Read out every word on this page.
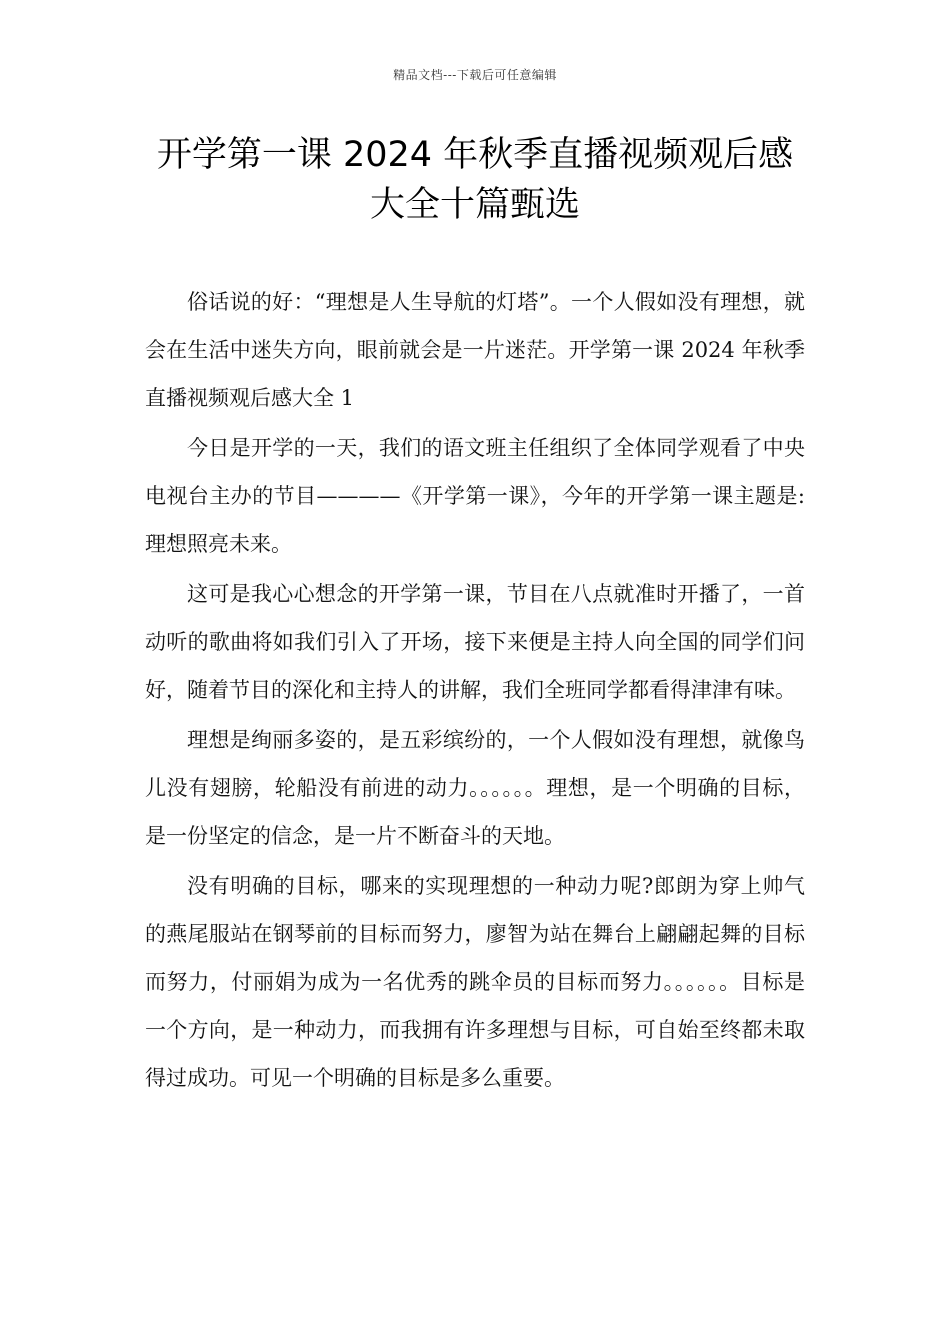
精品文档---下载后可任意编辑
开学第一课 2024 年秋季直播视频观后感大全十篇甄选

俗话说的好：“理想是人生导航的灯塔”。一个人假如没有理想，就会在生活中迷失方向，眼前就会是一片迷茫。开学第一课 2024 年秋季直播视频观后感大全 1

今日是开学的一天，我们的语文班主任组织了全体同学观看了中央电视台主办的节目————《开学第一课》，今年的开学第一课主题是:理想照亮未来。

这可是我心心想念的开学第一课，节目在八点就准时开播了，一首动听的歌曲将如我们引入了开场，接下来便是主持人向全国的同学们问好，随着节目的深化和主持人的讲解，我们全班同学都看得津津有味。

理想是绚丽多姿的，是五彩缤纷的，一个人假如没有理想，就像鸟儿没有翅膀，轮船没有前进的动力。。。。。。理想，是一个明确的目标，是一份坚定的信念，是一片不断奋斗的天地。

没有明确的目标，哪来的实现理想的一种动力呢?郎朗为穿上帅气的燕尾服站在钢琴前的目标而努力，廖智为站在舞台上翩翩起舞的目标而努力，付丽娟为成为一名优秀的跳伞员的目标而努力。。。。。。目标是一个方向，是一种动力，而我拥有许多理想与目标，可自始至终都未取得过成功。可见一个明确的目标是多么重要。
